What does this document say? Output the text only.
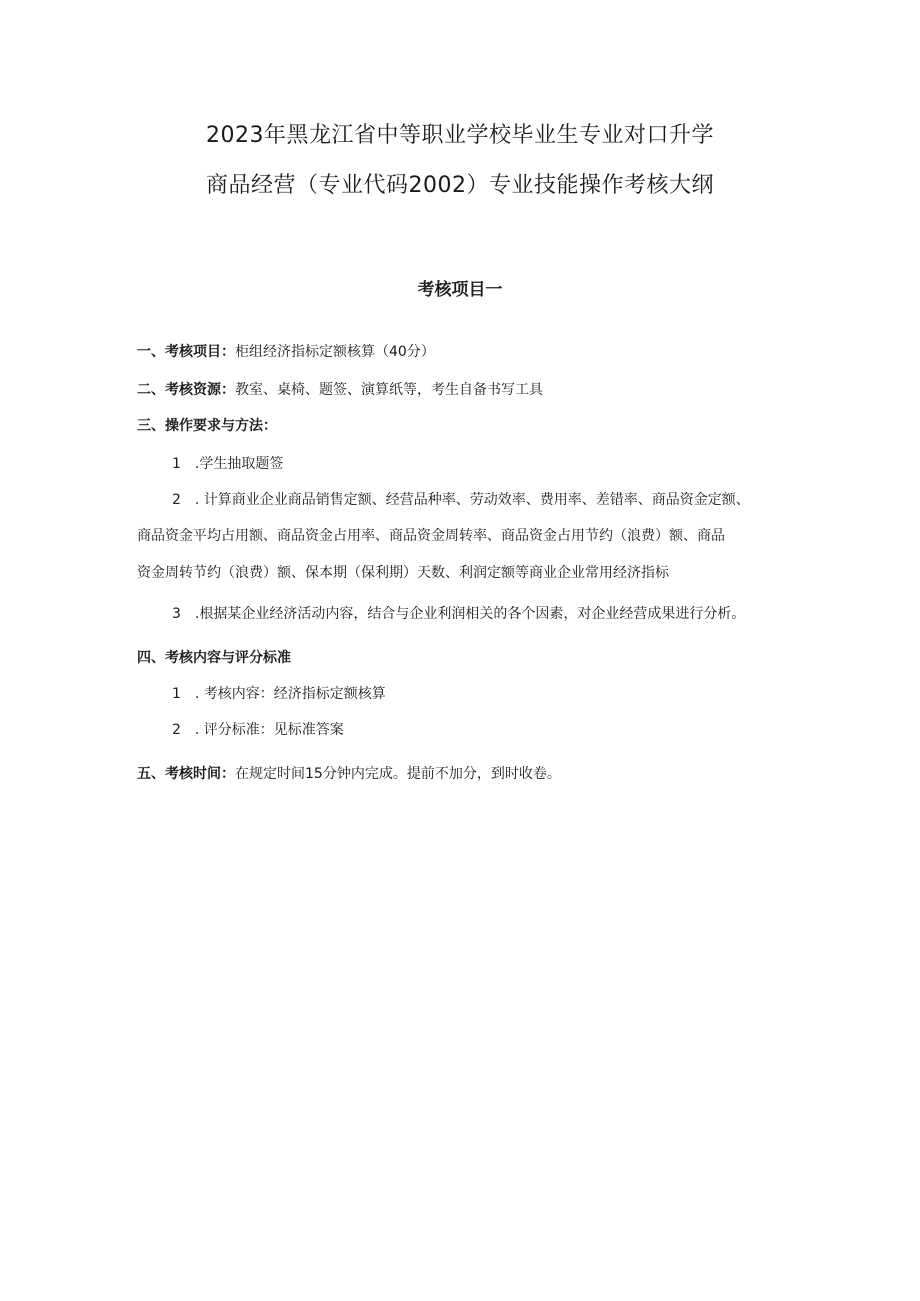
2023年黑龙江省中等职业学校毕业生专业对口升学
商品经营（专业代码2002）专业技能操作考核大纲
考核项目一
一、考核项目：柜组经济指标定额核算（40分）
二、考核资源：教室、桌椅、题签、演算纸等，考生自备书写工具
三、操作要求与方法：
1　.学生抽取题签
2　. 计算商业企业商品销售定额、经营品种率、劳动效率、费用率、差错率、商品资金定额、
商品资金平均占用额、商品资金占用率、商品资金周转率、商品资金占用节约（浪费）额、商品
资金周转节约（浪费）额、保本期（保利期）天数、利润定额等商业企业常用经济指标
3　.根据某企业经济活动内容，结合与企业利润相关的各个因素，对企业经营成果进行分析。
四、考核内容与评分标准
1　. 考核内容：经济指标定额核算
2　. 评分标准：见标准答案
五、考核时间：在规定时间15分钟内完成。提前不加分，到时收卷。
